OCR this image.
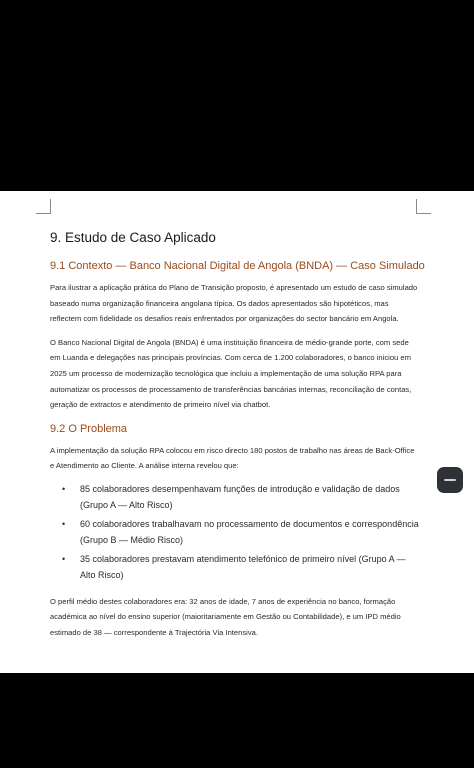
9. Estudo de Caso Aplicado
9.1 Contexto — Banco Nacional Digital de Angola (BNDA) — Caso Simulado

Para ilustrar a aplicação prática do Plano de Transição proposto, é apresentado um estudo de caso simulado baseado numa organização financeira angolana típica. Os dados apresentados são hipotéticos, mas reflectem com fidelidade os desafios reais enfrentados por organizações do sector bancário em Angola.

O Banco Nacional Digital de Angola (BNDA) é uma instituição financeira de médio-grande porte, com sede em Luanda e delegações nas principais províncias. Com cerca de 1.200 colaboradores, o banco iniciou em 2025 um processo de modernização tecnológica que incluiu a implementação de uma solução RPA para automatizar os processos de processamento de transferências bancárias internas, reconciliação de contas, geração de extractos e atendimento de primeiro nível via chatbot.

9.2 O Problema

A implementação da solução RPA colocou em risco directo 180 postos de trabalho nas áreas de Back-Office e Atendimento ao Cliente. A análise interna revelou que:

• 85 colaboradores desempenhavam funções de introdução e validação de dados (Grupo A — Alto Risco)
• 60 colaboradores trabalhavam no processamento de documentos e correspondência (Grupo B — Médio Risco)
• 35 colaboradores prestavam atendimento telefónico de primeiro nível (Grupo A — Alto Risco)

O perfil médio destes colaboradores era: 32 anos de idade, 7 anos de experiência no banco, formação académica ao nível do ensino superior (maioritariamente em Gestão ou Contabilidade), e um IPD médio estimado de 38 — correspondente à Trajectória Via Intensiva.
